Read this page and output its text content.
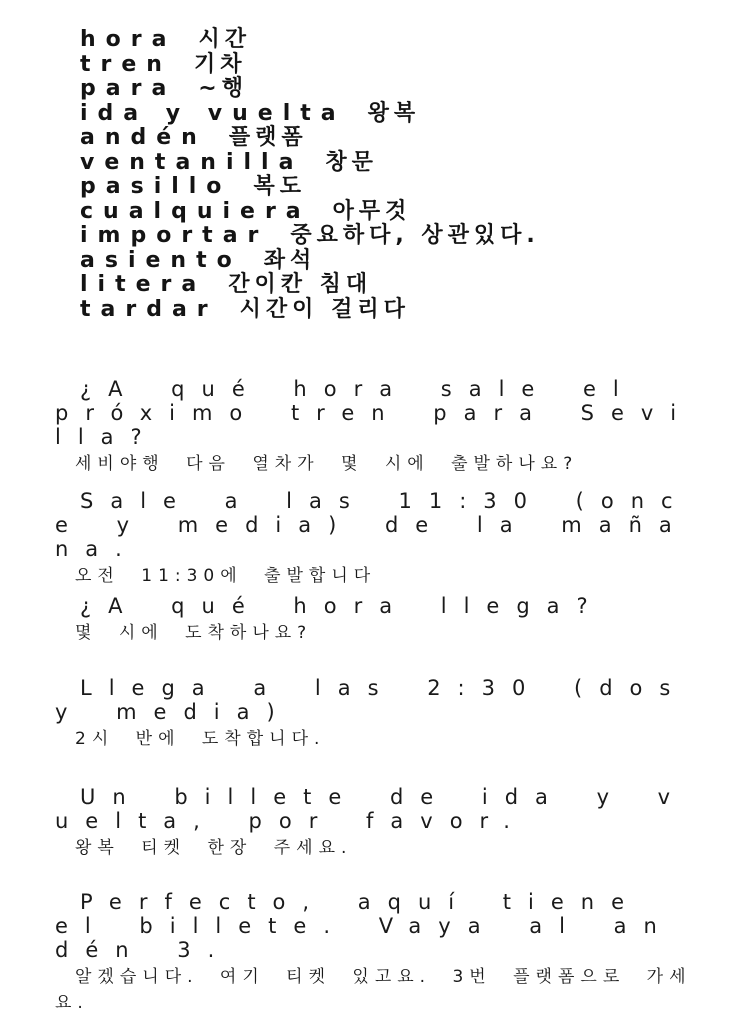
hora 시간
tren 기차
para ~행
ida y vuelta 왕복
andén 플랫폼
ventanilla 창문
pasillo 복도
cualquiera 아무것
importar 중요하다, 상관있다.
asiento 좌석
litera 간이칸 침대
tardar 시간이 걸리다

¿A qué hora sale el próximo tren para Sevilla?

세비야행 다음 열차가 몇 시에 출발하나요?

Sale a las 11:30 (once y media) de la mañana.

오전 11:30에 출발합니다

¿A qué hora llega?

몇 시에 도착하나요?

Llega a las 2:30 (dos y media)

2시 반에 도착합니다.

Un billete de ida y vuelta, por favor.

왕복 티켓 한장 주세요.

Perfecto, aquí tiene el billete. Vaya al andén 3.

알겠습니다. 여기 티켓 있고요. 3번 플랫폼으로 가세요.
